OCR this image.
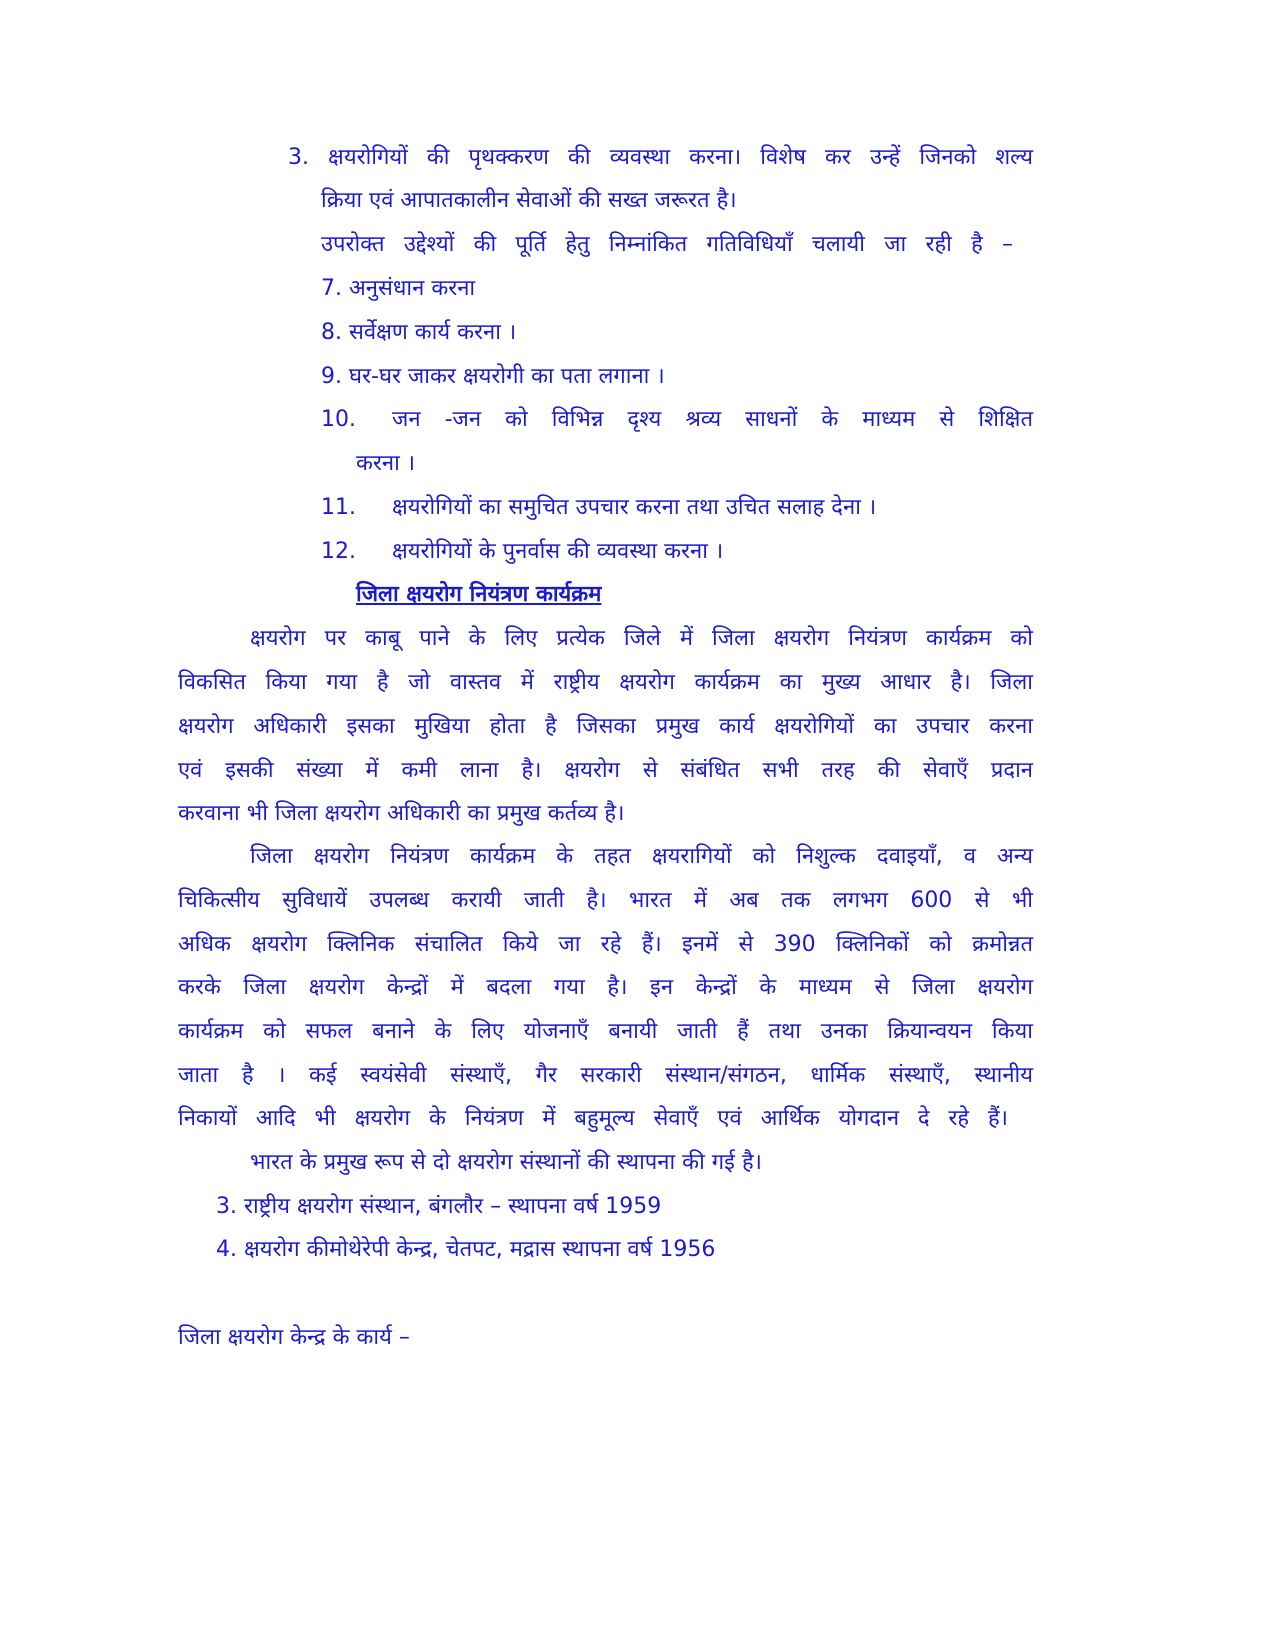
3. क्षयरोगियों की पृथक्करण की व्यवस्था करना। विशेष कर उन्हें जिनको शल्य
क्रिया एवं आपातकालीन सेवाओं की सख्त जरूरत है।
उपरोक्त उद्देश्यों की पूर्ति हेतु निम्नांकित गतिविधियाँ चलायी जा रही है –
7. अनुसंधान करना
8. सर्वेक्षण कार्य करना ।
9. घर-घर जाकर क्षयरोगी का पता लगाना ।
10. जन -जन को विभिन्न दृश्य श्रव्य साधनों के माध्यम से शिक्षित
करना ।
11. क्षयरोगियों का समुचित उपचार करना तथा उचित सलाह देना ।
12. क्षयरोगियों के पुनर्वास की व्यवस्था करना ।
जिला क्षयरोग नियंत्रण कार्यक्रम
क्षयरोग पर काबू पाने के लिए प्रत्येक जिले में जिला क्षयरोग नियंत्रण कार्यक्रम को
विकसित किया गया है जो वास्तव में राष्ट्रीय क्षयरोग कार्यक्रम का मुख्य आधार है। जिला
क्षयरोग अधिकारी इसका मुखिया होता है जिसका प्रमुख कार्य क्षयरोगियों का उपचार करना
एवं इसकी संख्या में कमी लाना है। क्षयरोग से संबंधित सभी तरह की सेवाएँ प्रदान
करवाना भी जिला क्षयरोग अधिकारी का प्रमुख कर्तव्य है।
जिला क्षयरोग नियंत्रण कार्यक्रम के तहत क्षयरागियों को निशुल्क दवाइयाँ, व अन्य
चिकित्सीय सुविधायें उपलब्ध करायी जाती है। भारत में अब तक लगभग 600 से भी
अधिक क्षयरोग क्लिनिक संचालित किये जा रहे हैं। इनमें से 390 क्लिनिकों को क्रमोन्नत
करके जिला क्षयरोग केन्द्रों में बदला गया है। इन केन्द्रों के माध्यम से जिला क्षयरोग
कार्यक्रम को सफल बनाने के लिए योजनाएँ बनायी जाती हैं तथा उनका क्रियान्वयन किया
जाता है । कई स्वयंसेवी संस्थाएँ, गैर सरकारी संस्थान/संगठन, धार्मिक संस्थाएँ, स्थानीय
निकायों आदि भी क्षयरोग के नियंत्रण में बहुमूल्य सेवाएँ एवं आर्थिक योगदान दे रहे हैं।
भारत के प्रमुख रूप से दो क्षयरोग संस्थानों की स्थापना की गई है।
3. राष्ट्रीय क्षयरोग संस्थान, बंगलौर – स्थापना वर्ष 1959
4. क्षयरोग कीमोथेरेपी केन्द्र, चेतपट, मद्रास स्थापना वर्ष 1956
जिला क्षयरोग केन्द्र के कार्य –
